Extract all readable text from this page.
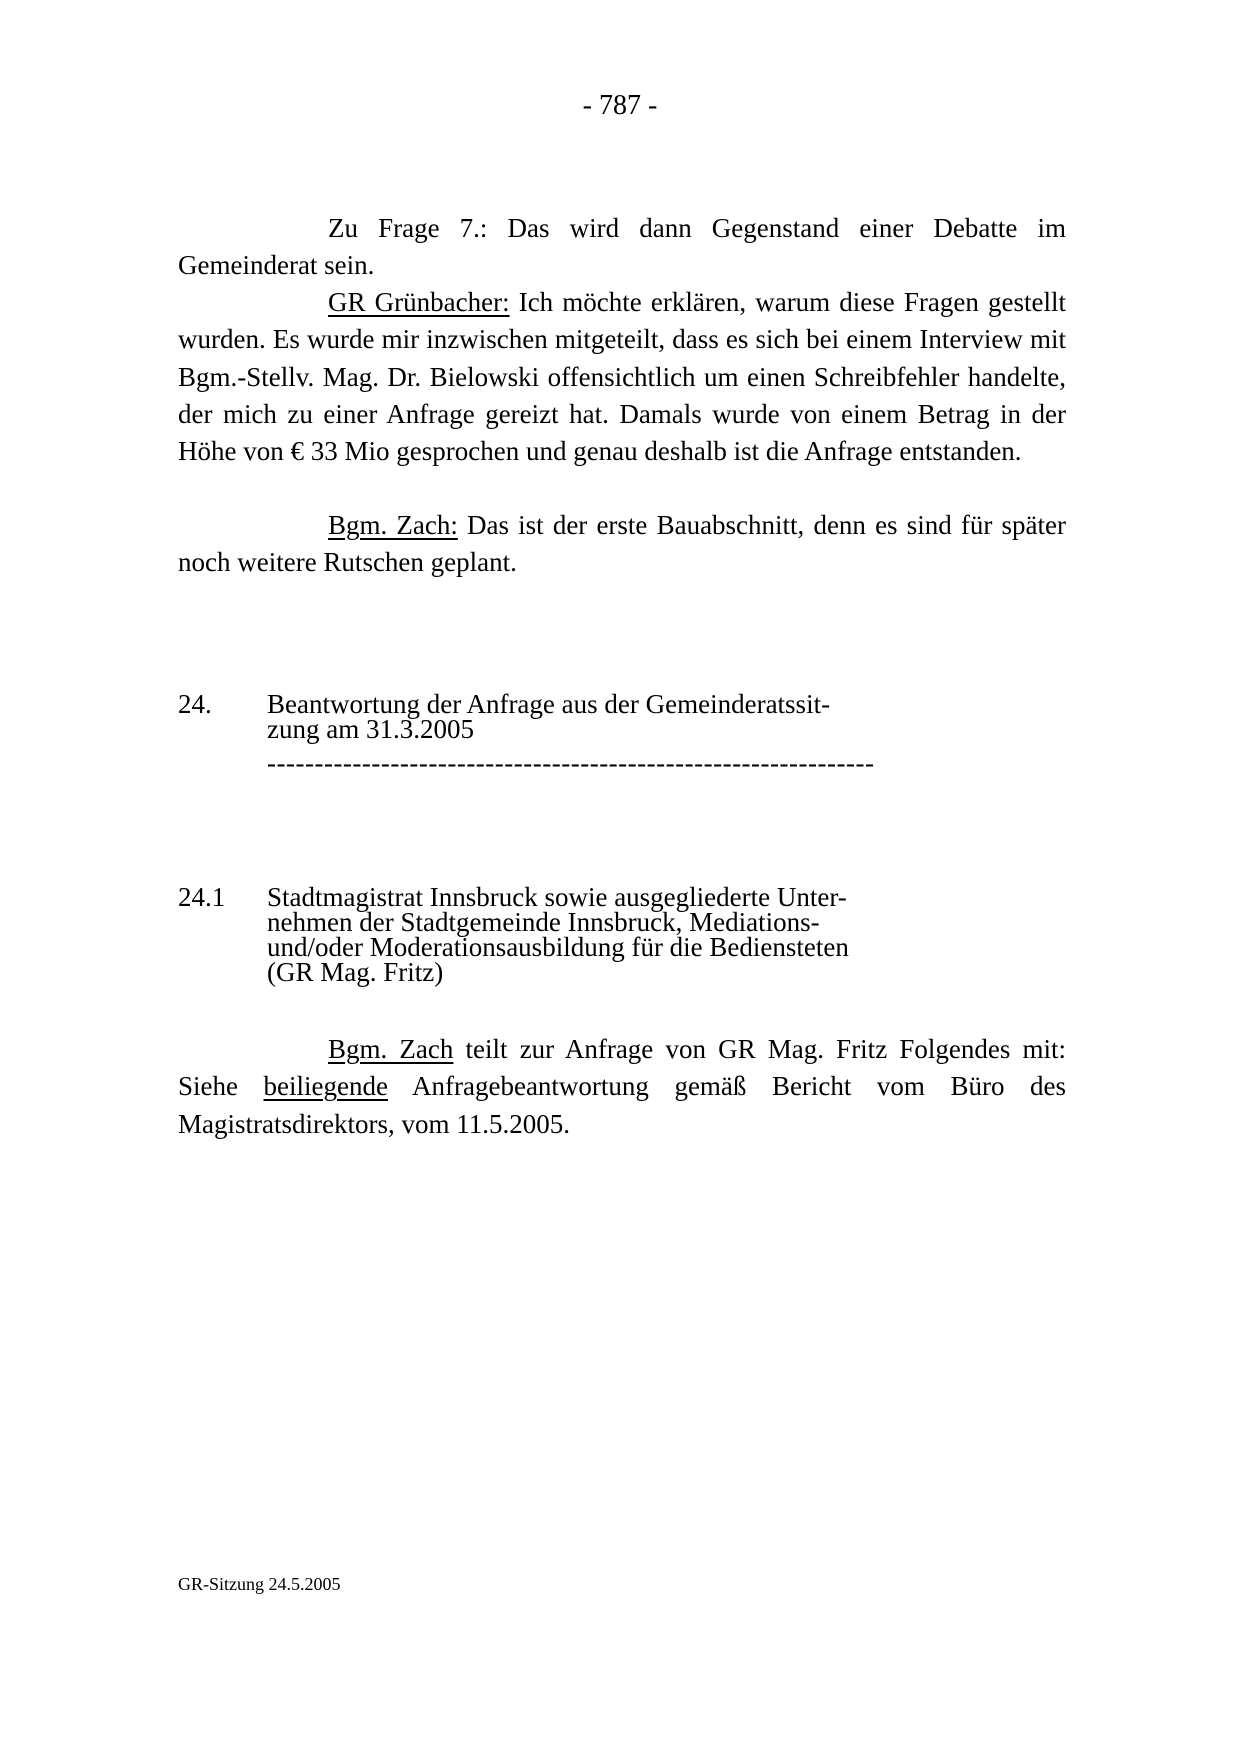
- 787 -

Zu Frage 7.: Das wird dann Gegenstand einer Debatte im Gemeinderat sein.

GR Grünbacher: Ich möchte erklären, warum diese Fragen gestellt wurden. Es wurde mir inzwischen mitgeteilt, dass es sich bei einem Interview mit Bgm.-Stellv. Mag. Dr. Bielowski offensichtlich um einen Schreibfehler handelte, der mich zu einer Anfrage gereizt hat. Damals wurde von einem Betrag in der Höhe von € 33 Mio gesprochen und genau deshalb ist die Anfrage entstanden.

Bgm. Zach: Das ist der erste Bauabschnitt, denn es sind für später noch weitere Rutschen geplant.

24. Beantwortung der Anfrage aus der Gemeinderatssit-
zung am 31.3.2005
----------------------------------------------------------------
24.1 Stadtmagistrat Innsbruck sowie ausgegliederte Unter-
nehmen der Stadtgemeinde Innsbruck, Mediations-
und/oder Moderationsausbildung für die Bediensteten
(GR Mag. Fritz)

Bgm. Zach teilt zur Anfrage von GR Mag. Fritz Folgendes mit: Siehe beiliegende Anfragebeantwortung gemäß Bericht vom Büro des Magistratsdirektors, vom 11.5.2005.

GR-Sitzung 24.5.2005
